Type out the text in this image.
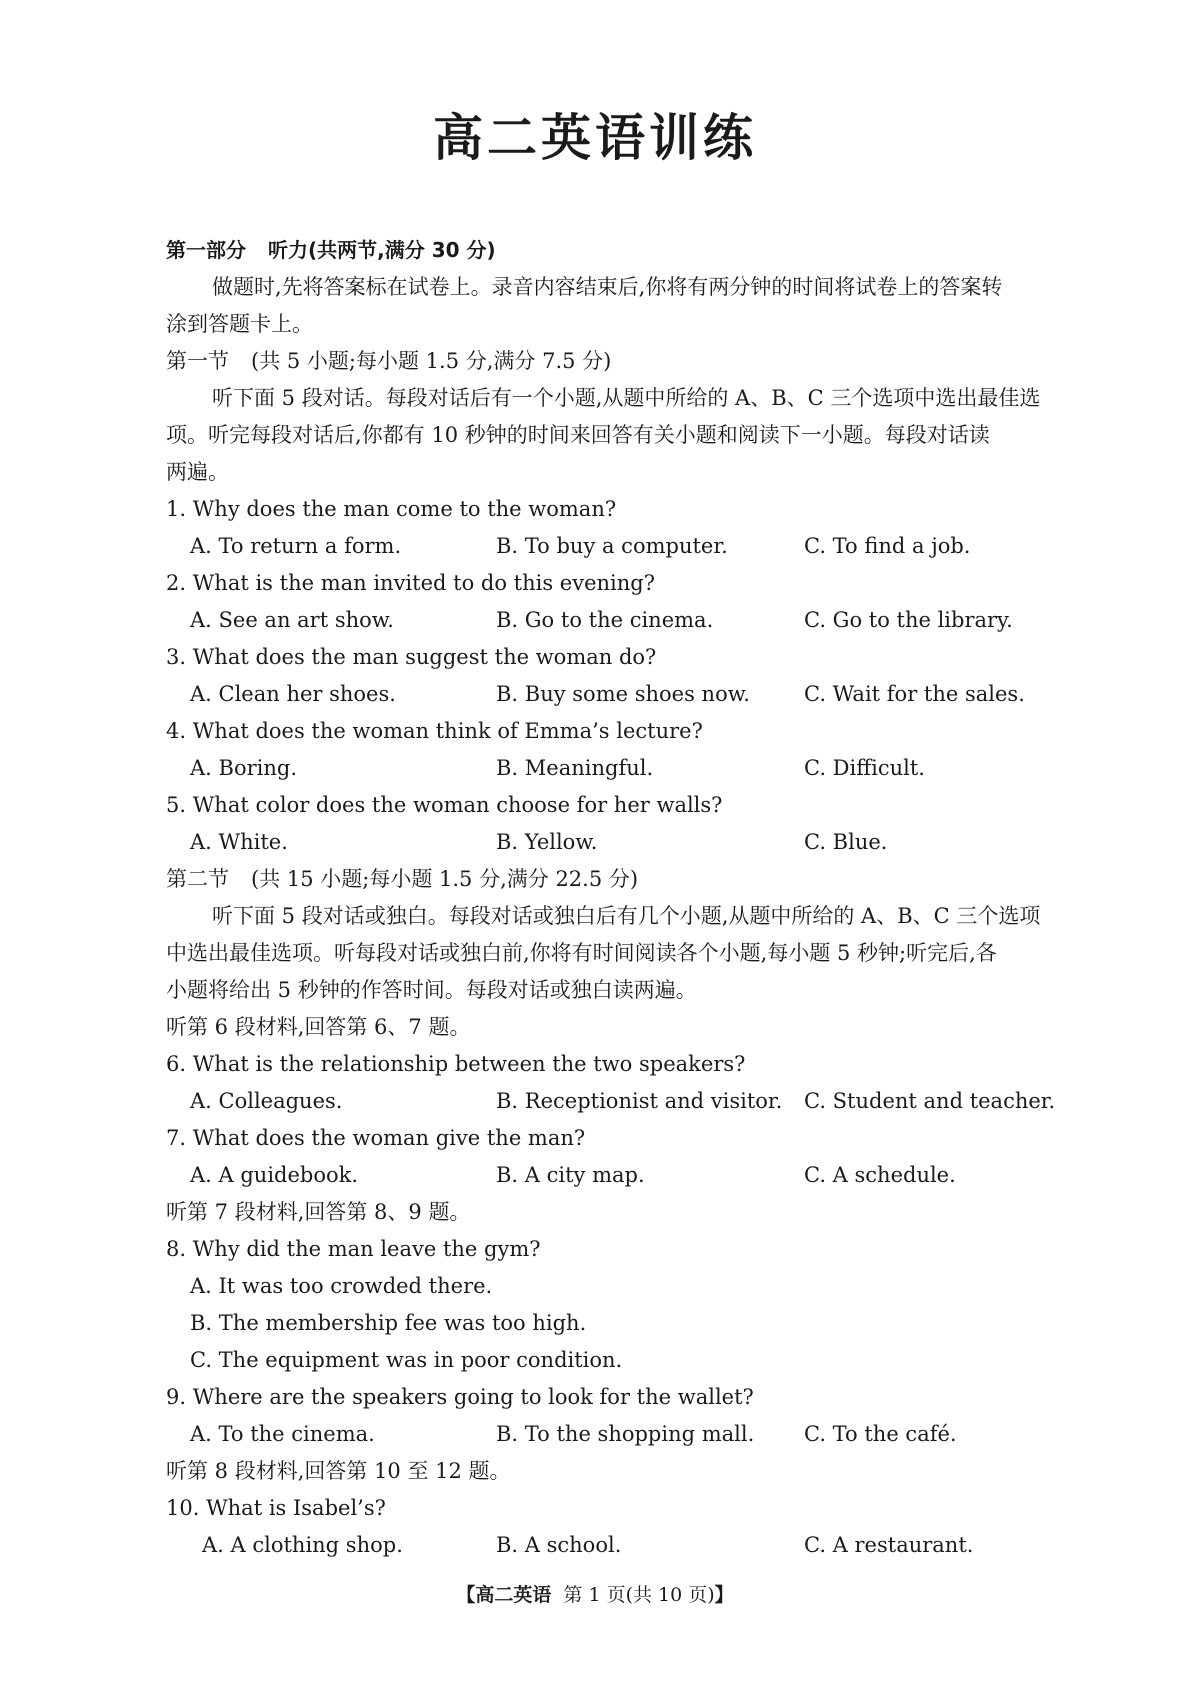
高二英语训练
第一部分 听力(共两节,满分 30 分)
做题时,先将答案标在试卷上。录音内容结束后,你将有两分钟的时间将试卷上的答案转
涂到答题卡上。
第一节 (共 5 小题;每小题 1.5 分,满分 7.5 分)
听下面 5 段对话。每段对话后有一个小题,从题中所给的 A、B、C 三个选项中选出最佳选
项。听完每段对话后,你都有 10 秒钟的时间来回答有关小题和阅读下一小题。每段对话读
两遍。
1. Why does the man come to the woman?
A. To return a form.	B. To buy a computer.	C. To find a job.
2. What is the man invited to do this evening?
A. See an art show.	B. Go to the cinema.	C. Go to the library.
3. What does the man suggest the woman do?
A. Clean her shoes.	B. Buy some shoes now.	C. Wait for the sales.
4. What does the woman think of Emma’s lecture?
A. Boring.	B. Meaningful.	C. Difficult.
5. What color does the woman choose for her walls?
A. White.	B. Yellow.	C. Blue.
第二节 (共 15 小题;每小题 1.5 分,满分 22.5 分)
听下面 5 段对话或独白。每段对话或独白后有几个小题,从题中所给的 A、B、C 三个选项
中选出最佳选项。听每段对话或独白前,你将有时间阅读各个小题,每小题 5 秒钟;听完后,各
小题将给出 5 秒钟的作答时间。每段对话或独白读两遍。
听第 6 段材料,回答第 6、7 题。
6. What is the relationship between the two speakers?
A. Colleagues.	B. Receptionist and visitor.	C. Student and teacher.
7. What does the woman give the man?
A. A guidebook.	B. A city map.	C. A schedule.
听第 7 段材料,回答第 8、9 题。
8. Why did the man leave the gym?
A. It was too crowded there.
B. The membership fee was too high.
C. The equipment was in poor condition.
9. Where are the speakers going to look for the wallet?
A. To the cinema.	B. To the shopping mall.	C. To the café.
听第 8 段材料,回答第 10 至 12 题。
10. What is Isabel’s?
A. A clothing shop.	B. A school.	C. A restaurant.
【高二英语 第 1 页(共 10 页)】
